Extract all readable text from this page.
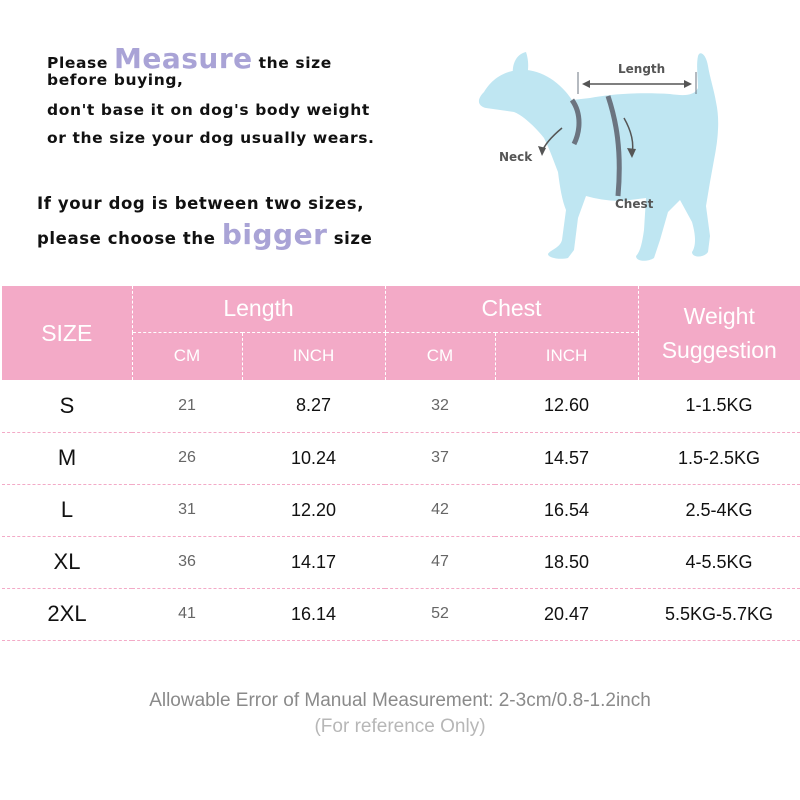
Please Measure the size
before buying,
don't base it on dog's body weight
or the size your dog usually wears.
If your dog is between two sizes,
please choose the bigger size
Length
Neck
Chest
SIZE	Length		Chest		Weight
Suggestion
	CM	INCH	CM	INCH	
S	21	8.27	32	12.60	1-1.5KG
M	26	10.24	37	14.57	1.5-2.5KG
L	31	12.20	42	16.54	2.5-4KG
XL	36	14.17	47	18.50	4-5.5KG
2XL	41	16.14	52	20.47	5.5KG-5.7KG
Allowable Error of Manual Measurement: 2-3cm/0.8-1.2inch
(For reference Only)
